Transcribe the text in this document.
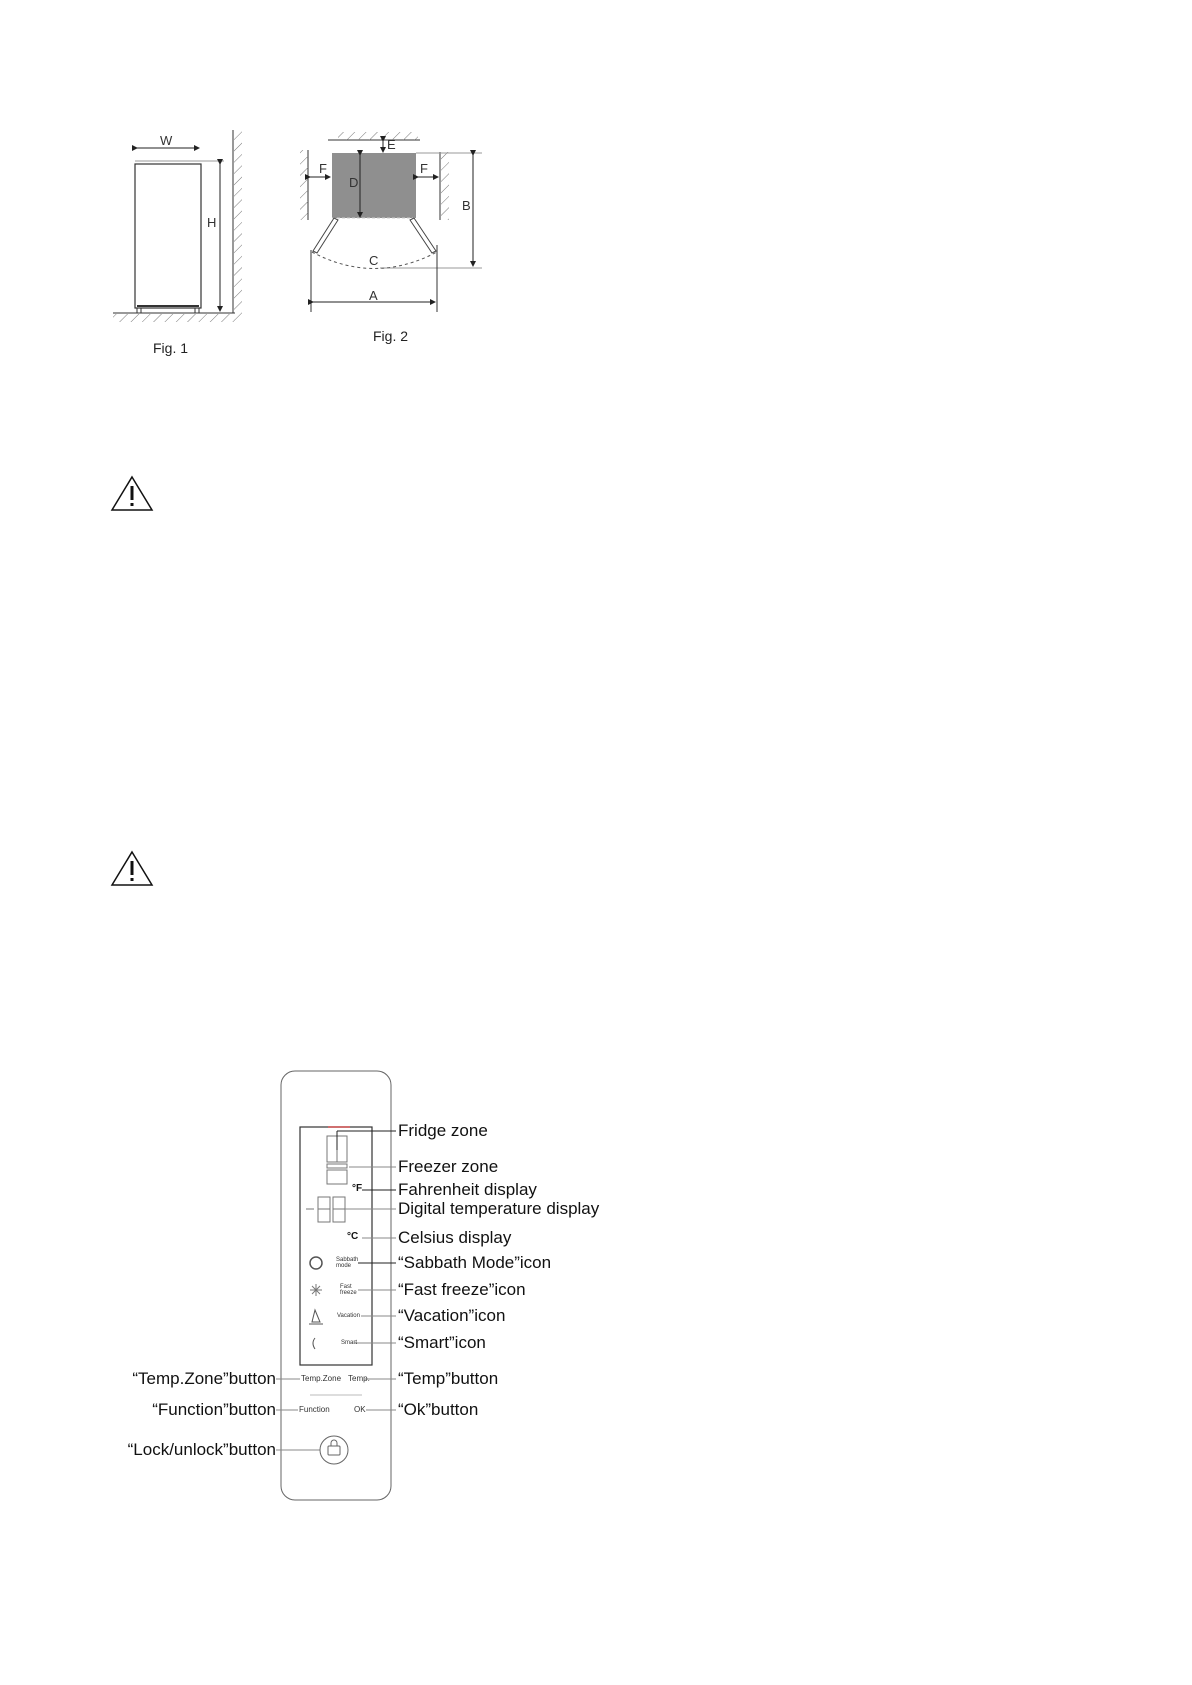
W
H
Fig. 1
E
F	F
D
B
C
A
Fig. 2
°F
°C
Sabbath mode
Fast freeze
Vacation
Smart
Temp.Zone Temp.
Function	OK
Fridge zone
Freezer zone
Fahrenheit display
Digital temperature display
Celsius display
“Sabbath Mode”icon
“Fast freeze”icon
“Vacation”icon
“Smart”icon
“Temp”button
“Ok”button
“Temp.Zone”button
“Function”button
“Lock/unlock”button
